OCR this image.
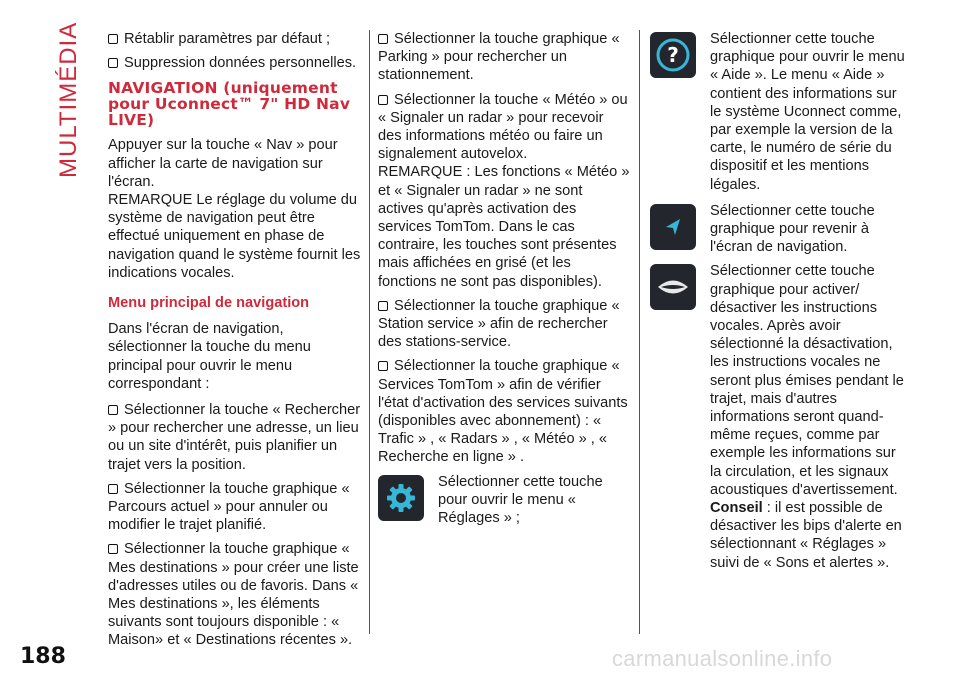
MULTIMÉDIA	Rétablir paramètres par défaut ;

Suppression données personnelles.

NAVIGATION (uniquement pour Uconnect™ 7" HD Nav LIVE)

Appuyer sur la touche « Nav » pour afficher la carte de navigation sur l'écran.

REMARQUE Le réglage du volume du système de navigation peut être effectué uniquement en phase de navigation quand le système fournit les indications vocales.

Menu principal de navigation

Dans l'écran de navigation, sélectionner la touche du menu principal pour ouvrir le menu correspondant :

Sélectionner la touche « Rechercher » pour rechercher une adresse, un lieu ou un site d'intérêt, puis planifier un trajet vers la position.

Sélectionner la touche graphique « Parcours actuel » pour annuler ou modifier le trajet planifié.

Sélectionner la touche graphique « Mes destinations » pour créer une liste d'adresses utiles ou de favoris. Dans « Mes destinations », les éléments suivants sont toujours disponible : « Maison» et « Destinations récentes ».

Sélectionner la touche graphique « Parking » pour rechercher un stationnement.

Sélectionner la touche « Météo » ou « Signaler un radar » pour recevoir des informations météo ou faire un signalement autovelox.

REMARQUE : Les fonctions « Météo » et « Signaler un radar » ne sont actives qu'après activation des services TomTom. Dans le cas contraire, les touches sont présentes mais affichées en grisé (et les fonctions ne sont pas disponibles).

Sélectionner la touche graphique « Station service » afin de rechercher des stations-service.

Sélectionner la touche graphique « Services TomTom » afin de vérifier l'état d'activation des services suivants (disponibles avec abonnement) : « Trafic » , « Radars » , « Météo » , « Recherche en ligne » .

Sélectionner cette touche pour ouvrir le menu « Réglages » ;
?
Sélectionner cette touche graphique pour ouvrir le menu « Aide ». Le menu « Aide » contient des informations sur le système Uconnect comme, par exemple la version de la carte, le numéro de série du dispositif et les mentions légales.
Sélectionner cette touche graphique pour revenir à l'écran de navigation.
Sélectionner cette touche graphique pour activer/ désactiver les instructions vocales. Après avoir sélectionné la désactivation, les instructions vocales ne seront plus émises pendant le trajet, mais d'autres informations seront quand-même reçues, comme par exemple les informations sur la circulation, et les signaux acoustiques d'avertissement. Conseil : il est possible de désactiver les bips d'alerte en sélectionnant « Réglages » suivi de « Sons et alertes ».
188	carmanualsonline.info
